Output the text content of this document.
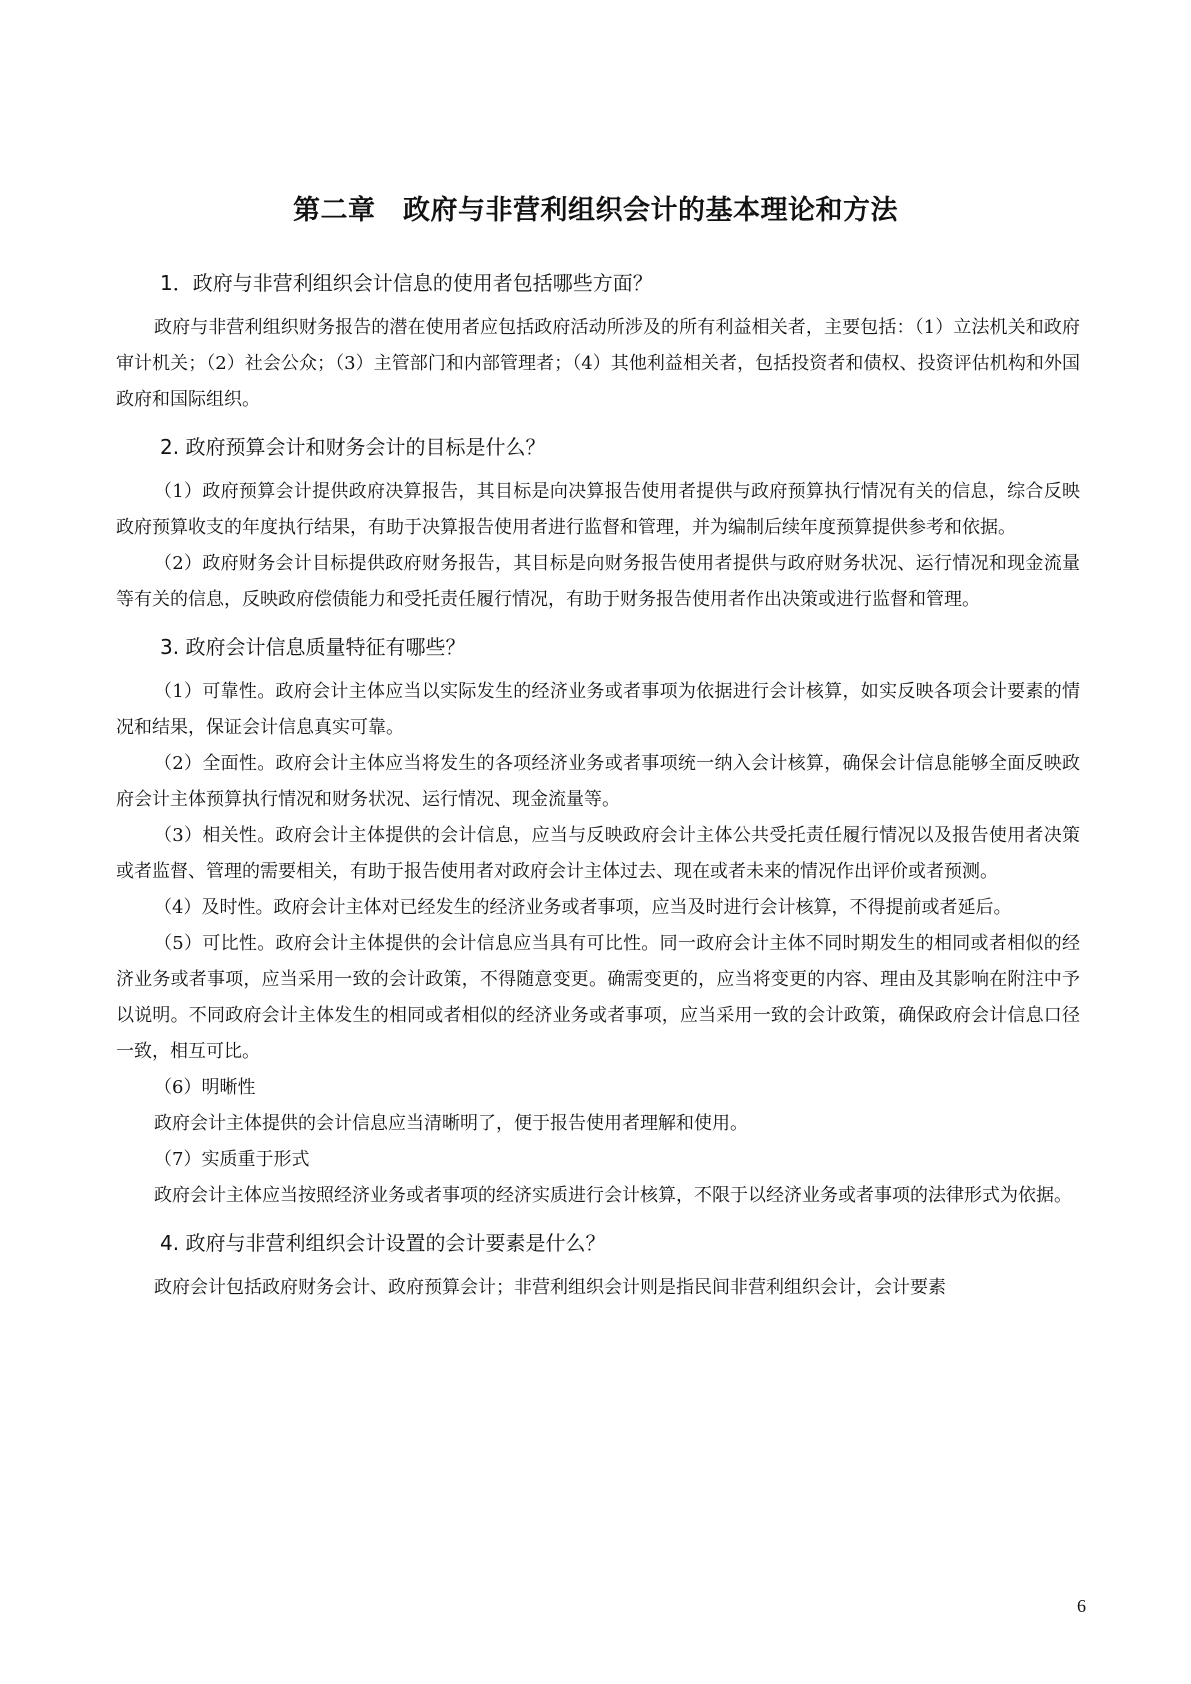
第二章　政府与非营利组织会计的基本理论和方法
1．政府与非营利组织会计信息的使用者包括哪些方面？

政府与非营利组织财务报告的潜在使用者应包括政府活动所涉及的所有利益相关者，主要包括：（1）立法机关和政府审计机关；（2）社会公众；（3）主管部门和内部管理者；（4）其他利益相关者，包括投资者和债权、投资评估机构和外国政府和国际组织。

2. 政府预算会计和财务会计的目标是什么？

（1）政府预算会计提供政府决算报告，其目标是向决算报告使用者提供与政府预算执行情况有关的信息，综合反映政府预算收支的年度执行结果，有助于决算报告使用者进行监督和管理，并为编制后续年度预算提供参考和依据。

（2）政府财务会计目标提供政府财务报告，其目标是向财务报告使用者提供与政府财务状况、运行情况和现金流量等有关的信息，反映政府偿债能力和受托责任履行情况，有助于财务报告使用者作出决策或进行监督和管理。

3. 政府会计信息质量特征有哪些？

（1）可靠性。政府会计主体应当以实际发生的经济业务或者事项为依据进行会计核算，如实反映各项会计要素的情况和结果，保证会计信息真实可靠。

（2）全面性。政府会计主体应当将发生的各项经济业务或者事项统一纳入会计核算，确保会计信息能够全面反映政府会计主体预算执行情况和财务状况、运行情况、现金流量等。

（3）相关性。政府会计主体提供的会计信息，应当与反映政府会计主体公共受托责任履行情况以及报告使用者决策或者监督、管理的需要相关，有助于报告使用者对政府会计主体过去、现在或者未来的情况作出评价或者预测。

（4）及时性。政府会计主体对已经发生的经济业务或者事项，应当及时进行会计核算，不得提前或者延后。

（5）可比性。政府会计主体提供的会计信息应当具有可比性。同一政府会计主体不同时期发生的相同或者相似的经济业务或者事项，应当采用一致的会计政策，不得随意变更。确需变更的，应当将变更的内容、理由及其影响在附注中予以说明。不同政府会计主体发生的相同或者相似的经济业务或者事项，应当采用一致的会计政策，确保政府会计信息口径一致，相互可比。

（6）明晰性

政府会计主体提供的会计信息应当清晰明了，便于报告使用者理解和使用。

（7）实质重于形式

政府会计主体应当按照经济业务或者事项的经济实质进行会计核算，不限于以经济业务或者事项的法律形式为依据。

4. 政府与非营利组织会计设置的会计要素是什么？

政府会计包括政府财务会计、政府预算会计；非营利组织会计则是指民间非营利组织会计，会计要素

6
